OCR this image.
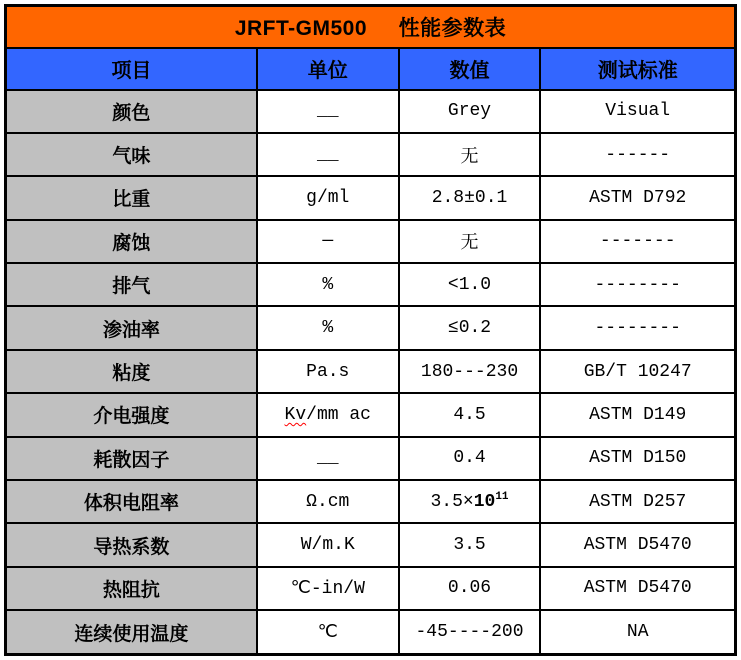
JRFT-GM500     性能参数表			
项目	单位	数值	测试标准
颜色	__	Grey	Visual
气味	__	无	------
比重	g/ml	2.8±0.1	ASTM D792
腐蚀	—	无	-------
排气	%	<1.0	--------
渗油率	%	≤0.2	--------
粘度	Pa.s	180---230	GB/T 10247
介电强度	Kv/mm ac	4.5	ASTM D149
耗散因子	__	0.4	ASTM D150
体积电阻率	Ω.cm	$3.5\times 10^{11}$	ASTM D257
导热系数	W/m.K	3.5	ASTM D5470
热阻抗	℃-in/W	0.06	ASTM D5470
连续使用温度	℃	-45----200	NA
